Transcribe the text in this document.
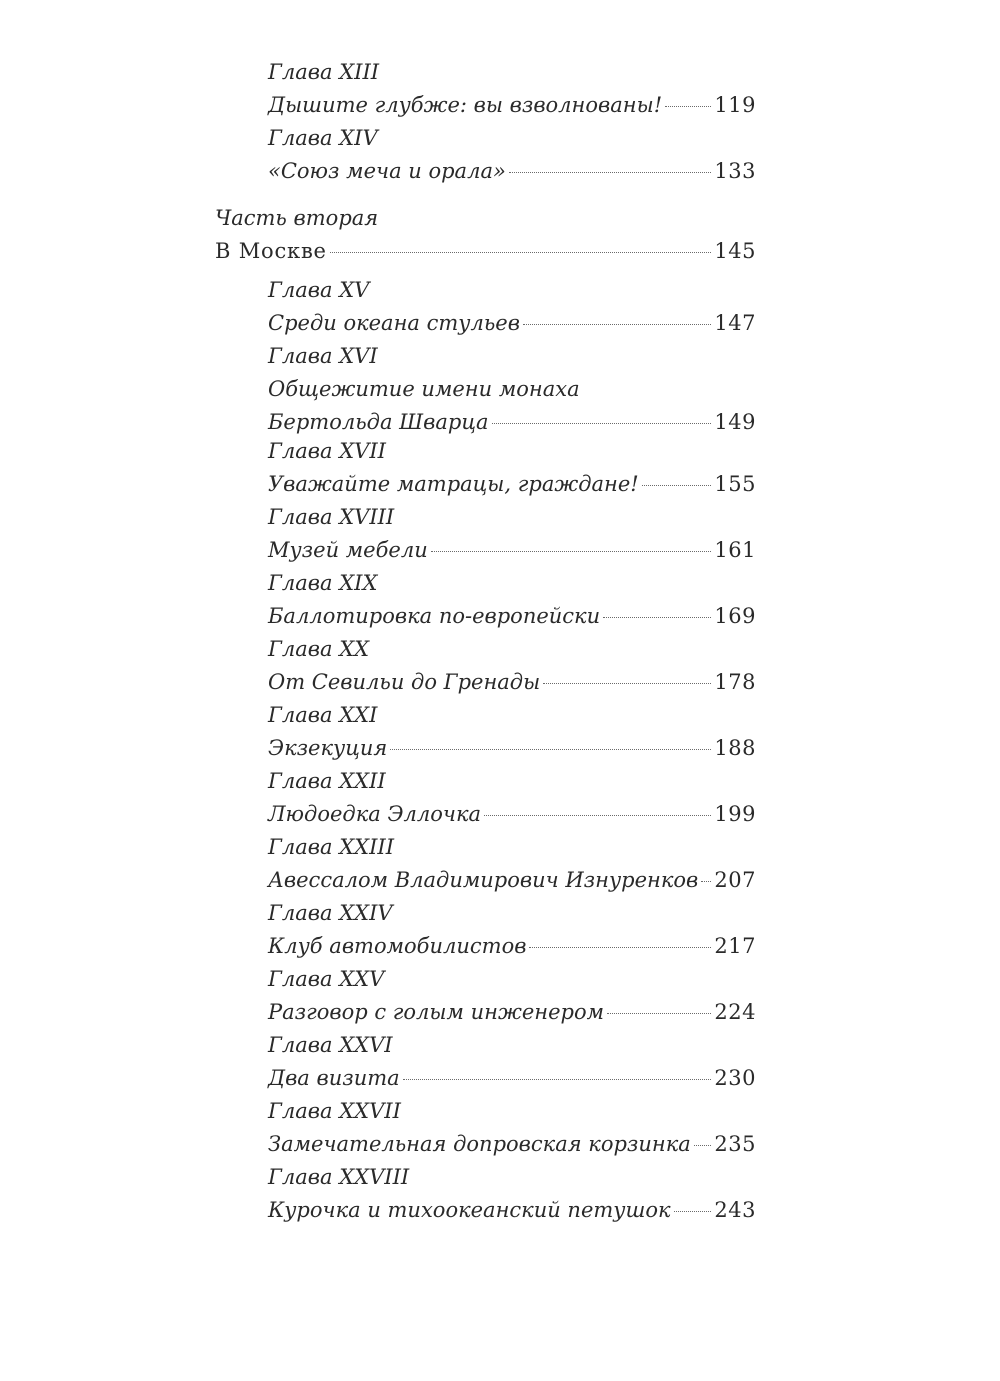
Глава XIII
Дышите глубже: вы взволнованы! 119
Глава XIV
«Союз меча и орала»	133
Часть вторая
В Москве	145
Глава XV
Среди океана стульев	147
Глава XVI
Общежитие имени монаха
Бертольда Шварца	149
Глава XVII
Уважайте матрацы, граждане!	155
Глава XVIII
Музей мебели	161
Глава XIX
Баллотировка по-европейски	169
Глава XX
От Севильи до Гренады	178
Глава XXI
Экзекуция	188
Глава XXII
Людоедка Эллочка	199
Глава XXIII
Авессалом Владимирович Изнуренков 207
Глава XXIV
Клуб автомобилистов	217
Глава XXV
Разговор с голым инженером	224
Глава XXVI
Два визита	230
Глава XXVII
Замечательная допровская корзинка 235
Глава XXVIII
Курочка и тихоокеанский петушок 243
